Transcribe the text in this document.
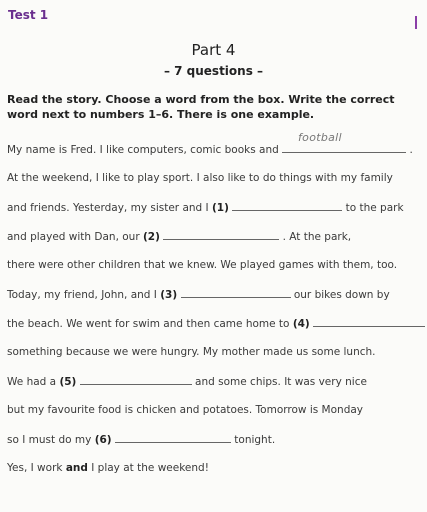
Test 1
Part 4
– 7 questions –
Read the story. Choose a word from the box. Write the correct word next to numbers 1–6. There is one example.
football
My name is Fred. I like computers, comic books and	.
At the weekend, I like to play sport. I also like to do things with my family
and friends. Yesterday, my sister and I (1)	to the park
and played with Dan, our (2)	. At the park,
there were other children that we knew. We played games with them, too.
Today, my friend, John, and I (3)	our bikes down by
the beach. We went for swim and then came home to (4)
something because we were hungry. My mother made us some lunch.
We had a (5)	and some chips. It was very nice
but my favourite food is chicken and potatoes. Tomorrow is Monday
so I must do my (6)	tonight.
Yes, I work and I play at the weekend!
